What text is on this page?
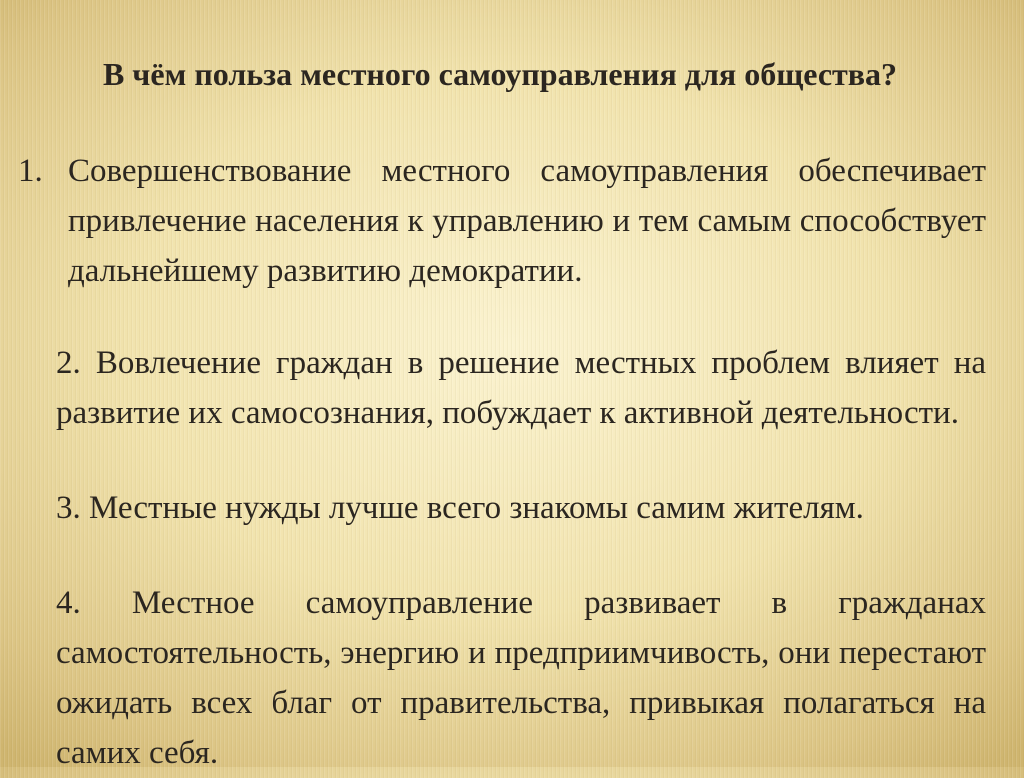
В чём польза местного самоуправления для общества?
1. Совершенствование местного самоуправления обеспечивает привлечение населения к управлению и тем самым способствует дальнейшему развитию демократии.

2. Вовлечение граждан в решение местных проблем влияет на развитие их самосознания, побуждает к активной деятельности.

3. Местные нужды лучше всего знакомы самим жителям.

4. Местное самоуправление развивает в гражданах самостоятельность, энергию и предприимчивость, они перестают ожидать всех благ от правительства, привыкая полагаться на самих себя.
